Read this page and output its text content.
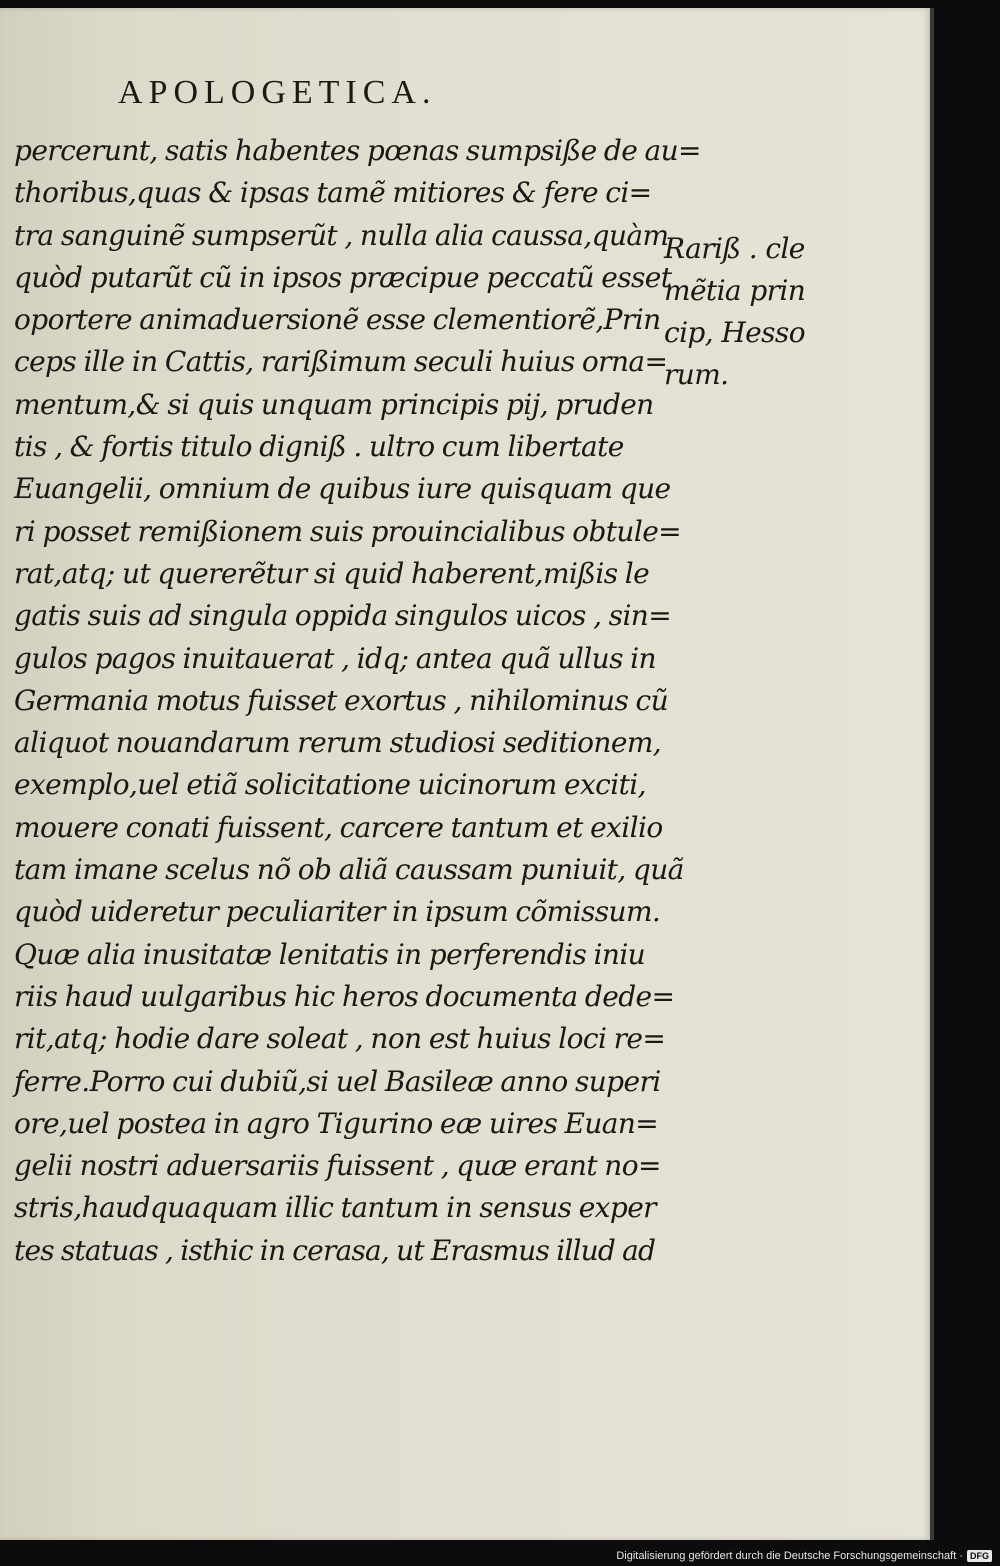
APOLOGETICA.
percerunt, satis habentes pœnas sumpsiße de au=
thoribus,quas & ipsas tamẽ mitiores & fere ci=
tra sanguinẽ sumpserũt , nulla alia caussa,quàm
quòd putarũt cũ in ipsos præcipue peccatũ esset
oportere animaduersionẽ esse clementiorẽ,Prin
ceps ille in Cattis, rarißimum seculi huius orna=
mentum,& si quis unquam principis pij, pruden
tis , & fortis titulo digniß . ultro cum libertate
Euangelii, omnium de quibus iure quisquam que
ri posset remißionem suis prouincialibus obtule=
rat,atq; ut quererẽtur si quid haberent,mißis le
gatis suis ad singula oppida singulos uicos , sin=
gulos pagos inuitauerat , idq; antea quã ullus in
Germania motus fuisset exortus , nihilominus cũ
aliquot nouandarum rerum studiosi seditionem,
exemplo,uel etiã solicitatione uicinorum exciti,
mouere conati fuissent, carcere tantum et exilio
tam imane scelus nõ ob aliã caussam puniuit, quã
quòd uideretur peculiariter in ipsum cõmissum.
Quæ alia inusitatæ lenitatis in perferendis iniu
riis haud uulgaribus hic heros documenta dede=
rit,atq; hodie dare soleat , non est huius loci re=
ferre.Porro cui dubiũ,si uel Basileæ anno superi
ore,uel postea in agro Tigurino eæ uires Euan=
gelii nostri aduersariis fuissent , quæ erant no=
stris,haudquaquam illic tantum in sensus exper
tes statuas , isthic in cerasa, ut Erasmus illud ad
Rariß . cle
mẽtia prin
cip, Hesso
rum.
Digitalisierung gefördert durch die Deutsche Forschungsgemeinschaft · DFG
